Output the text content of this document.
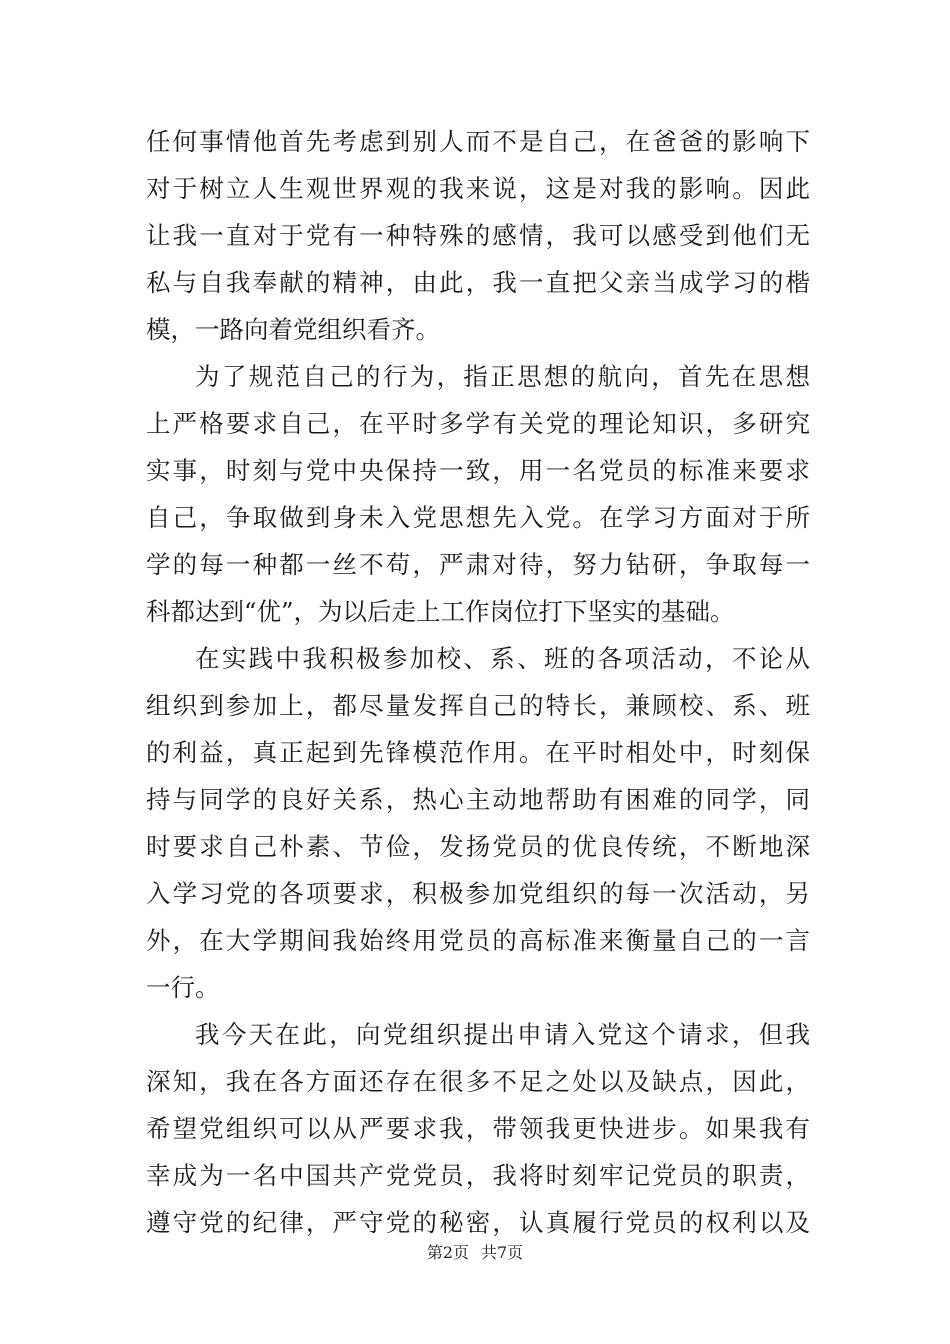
任何事情他首先考虑到别人而不是自己，在爸爸的影响下
对于树立人生观世界观的我来说，这是对我的影响。因此
让我一直对于党有一种特殊的感情，我可以感受到他们无
私与自我奉献的精神，由此，我一直把父亲当成学习的楷
模，一路向着党组织看齐。
为了规范自己的行为，指正思想的航向，首先在思想
上严格要求自己，在平时多学有关党的理论知识，多研究
实事，时刻与党中央保持一致，用一名党员的标准来要求
自己，争取做到身未入党思想先入党。在学习方面对于所
学的每一种都一丝不苟，严肃对待，努力钻研，争取每一
科都达到“优”，为以后走上工作岗位打下坚实的基础。
在实践中我积极参加校、系、班的各项活动，不论从
组织到参加上，都尽量发挥自己的特长，兼顾校、系、班
的利益，真正起到先锋模范作用。在平时相处中，时刻保
持与同学的良好关系，热心主动地帮助有困难的同学，同
时要求自己朴素、节俭，发扬党员的优良传统，不断地深
入学习党的各项要求，积极参加党组织的每一次活动，另
外，在大学期间我始终用党员的高标准来衡量自己的一言
一行。
我今天在此，向党组织提出申请入党这个请求，但我
深知，我在各方面还存在很多不足之处以及缺点，因此，
希望党组织可以从严要求我，带领我更快进步。如果我有
幸成为一名中国共产党党员，我将时刻牢记党员的职责，
遵守党的纪律，严守党的秘密，认真履行党员的权利以及
第2页 共7页
